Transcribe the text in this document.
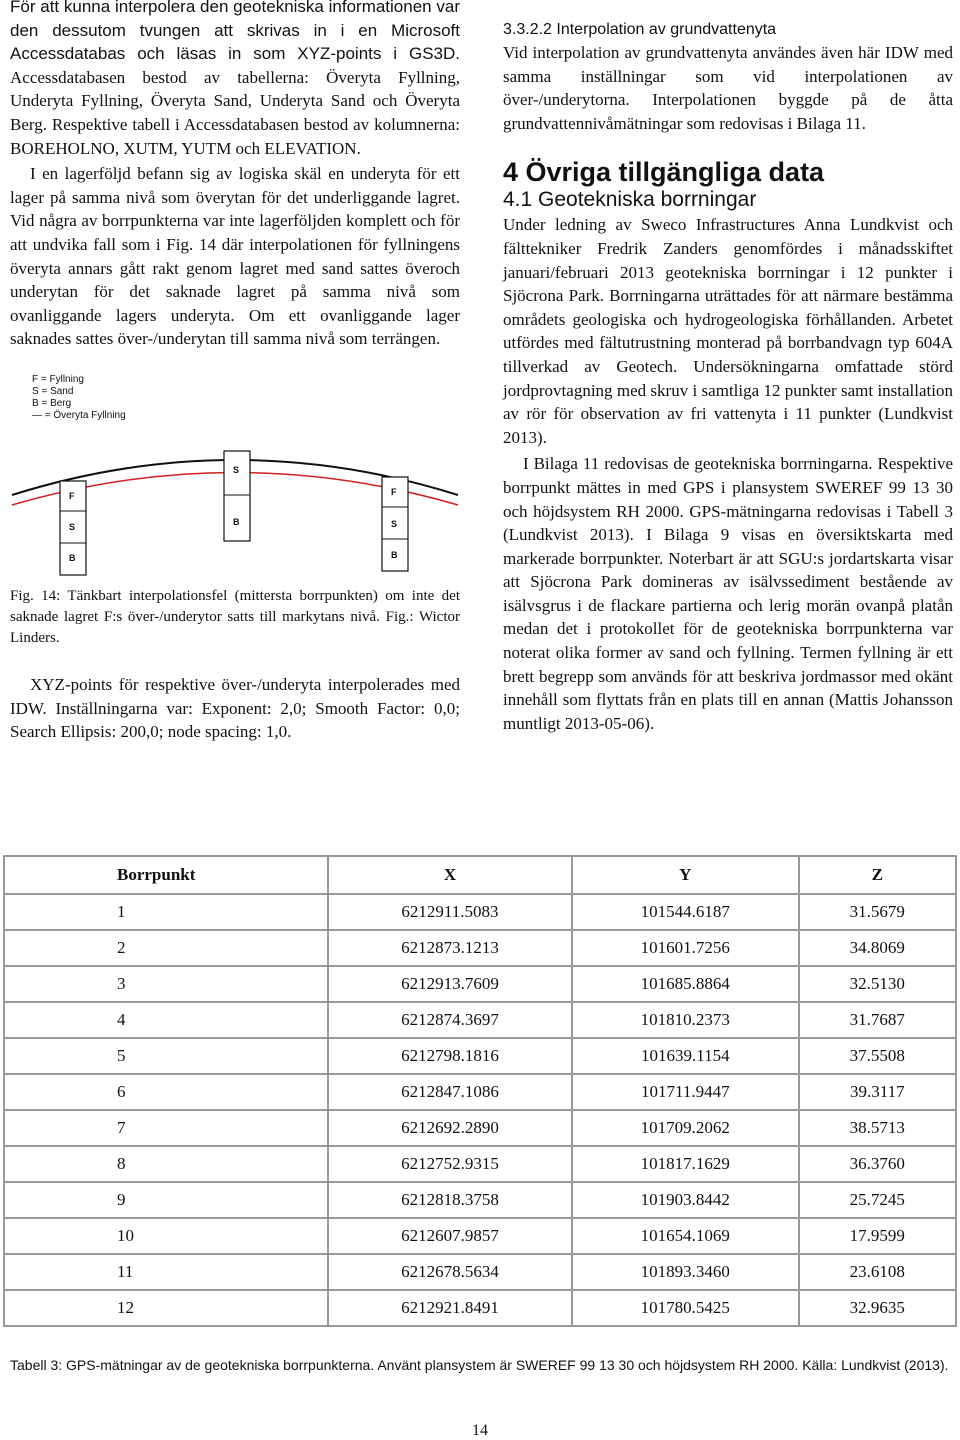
För att kunna interpolera den geotekniska informationen var den dessutom tvungen att skrivas in i en Microsoft Accessdatabas och läsas in som XYZ-points i GS3D. Accessdatabasen bestod av tabellerna: Överyta Fyllning, Underyta Fyllning, Överyta Sand, Underyta Sand och Överyta Berg. Respektive tabell i Accessdatabasen bestod av kolumnerna: BOREHOLNO, XUTM, YUTM och ELEVATION.

I en lagerföljd befann sig av logiska skäl en underyta för ett lager på samma nivå som överytan för det underliggande lagret. Vid några av borrpunkterna var inte lagerföljden komplett och för att undvika fall som i Fig. 14 där interpolationen för fyllningens överyta annars gått rakt genom lagret med sand sattes överoch underytan för det saknade lagret på samma nivå som ovanliggande lagers underyta. Om ett ovanliggande lager saknades sattes över-/underytan till samma nivå som terrängen.

F = Fyllning
S = Sand
B = Berg
— = Överyta Fyllning
F
S
B
S
B
F
S
B

Fig. 14: Tänkbart interpolationsfel (mittersta borrpunkten) om inte det saknade lagret F:s över-/underytor satts till markytans nivå. Fig.: Wictor Linders.

XYZ-points för respektive över-/underyta interpolerades med IDW. Inställningarna var: Exponent: 2,0; Smooth Factor: 0,0; Search Ellipsis: 200,0; node spacing: 1,0.

3.3.2.2 Interpolation av grundvattenyta

Vid interpolation av grundvattenyta användes även här IDW med samma inställningar som vid interpolationen av över-/underytorna. Interpolationen byggde på de åtta grundvattennivåmätningar som redovisas i Bilaga 11.

4 Övriga tillgängliga data
4.1 Geotekniska borrningar

Under ledning av Sweco Infrastructures Anna Lundkvist och fälttekniker Fredrik Zanders genomfördes i månadsskiftet januari/februari 2013 geotekniska borrningar i 12 punkter i Sjöcrona Park. Borrningarna uträttades för att närmare bestämma områdets geologiska och hydrogeologiska förhållanden. Arbetet utfördes med fältutrustning monterad på borrbandvagn typ 604A tillverkad av Geotech. Undersökningarna omfattade störd jordprovtagning med skruv i samtliga 12 punkter samt installation av rör för observation av fri vattenyta i 11 punkter (Lundkvist 2013).

I Bilaga 11 redovisas de geotekniska borrningarna. Respektive borrpunkt mättes in med GPS i plansystem SWEREF 99 13 30 och höjdsystem RH 2000. GPS-mätningarna redovisas i Tabell 3 (Lundkvist 2013). I Bilaga 9 visas en översiktskarta med markerade borrpunkter. Noterbart är att SGU:s jordartskarta visar att Sjöcrona Park domineras av isälvssediment bestående av isälvsgrus i de flackare partierna och lerig morän ovanpå platån medan det i protokollet för de geotekniska borrpunkterna var noterat olika former av sand och fyllning. Termen fyllning är ett brett begrepp som används för att beskriva jordmassor med okänt innehåll som flyttats från en plats till en annan (Mattis Johansson muntligt 2013-05-06).

Borrpunkt	X	Y	Z
1	6212911.5083	101544.6187	31.5679
2	6212873.1213	101601.7256	34.8069
3	6212913.7609	101685.8864	32.5130
4	6212874.3697	101810.2373	31.7687
5	6212798.1816	101639.1154	37.5508
6	6212847.1086	101711.9447	39.3117
7	6212692.2890	101709.2062	38.5713
8	6212752.9315	101817.1629	36.3760
9	6212818.3758	101903.8442	25.7245
10	6212607.9857	101654.1069	17.9599
11	6212678.5634	101893.3460	23.6108
12	6212921.8491	101780.5425	32.9635
Tabell 3: GPS-mätningar av de geotekniska borrpunkterna. Använt plansystem är SWEREF 99 13 30 och höjdsystem RH 2000. Källa: Lundkvist (2013).
14
